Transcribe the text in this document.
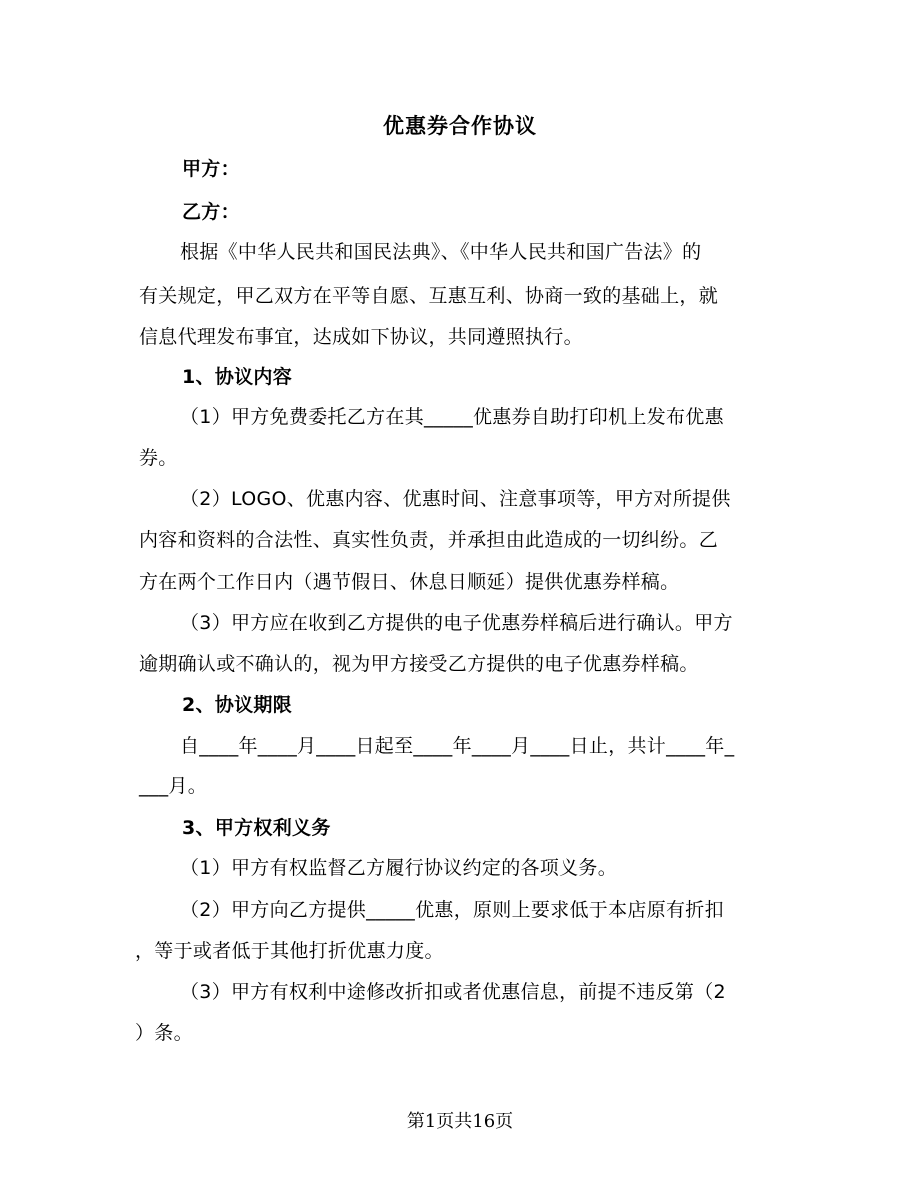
优惠券合作协议
甲方：
乙方：
根据《中华人民共和国民法典》、《中华人民共和国广告法》的
有关规定，甲乙双方在平等自愿、互惠互利、协商一致的基础上，就
信息代理发布事宜，达成如下协议，共同遵照执行。
1、协议内容
（1）甲方免费委托乙方在其_____优惠券自助打印机上发布优惠
券。
（2）LOGO、优惠内容、优惠时间、注意事项等，甲方对所提供
内容和资料的合法性、真实性负责，并承担由此造成的一切纠纷。乙
方在两个工作日内（遇节假日、休息日顺延）提供优惠券样稿。
（3）甲方应在收到乙方提供的电子优惠券样稿后进行确认。甲方
逾期确认或不确认的，视为甲方接受乙方提供的电子优惠券样稿。
2、协议期限
自____年____月____日起至____年____月____日止，共计____年_
___月。
3、甲方权利义务
（1）甲方有权监督乙方履行协议约定的各项义务。
（2）甲方向乙方提供_____优惠，原则上要求低于本店原有折扣
，等于或者低于其他打折优惠力度。
（3）甲方有权利中途修改折扣或者优惠信息，前提不违反第（2
）条。
第1页共16页
